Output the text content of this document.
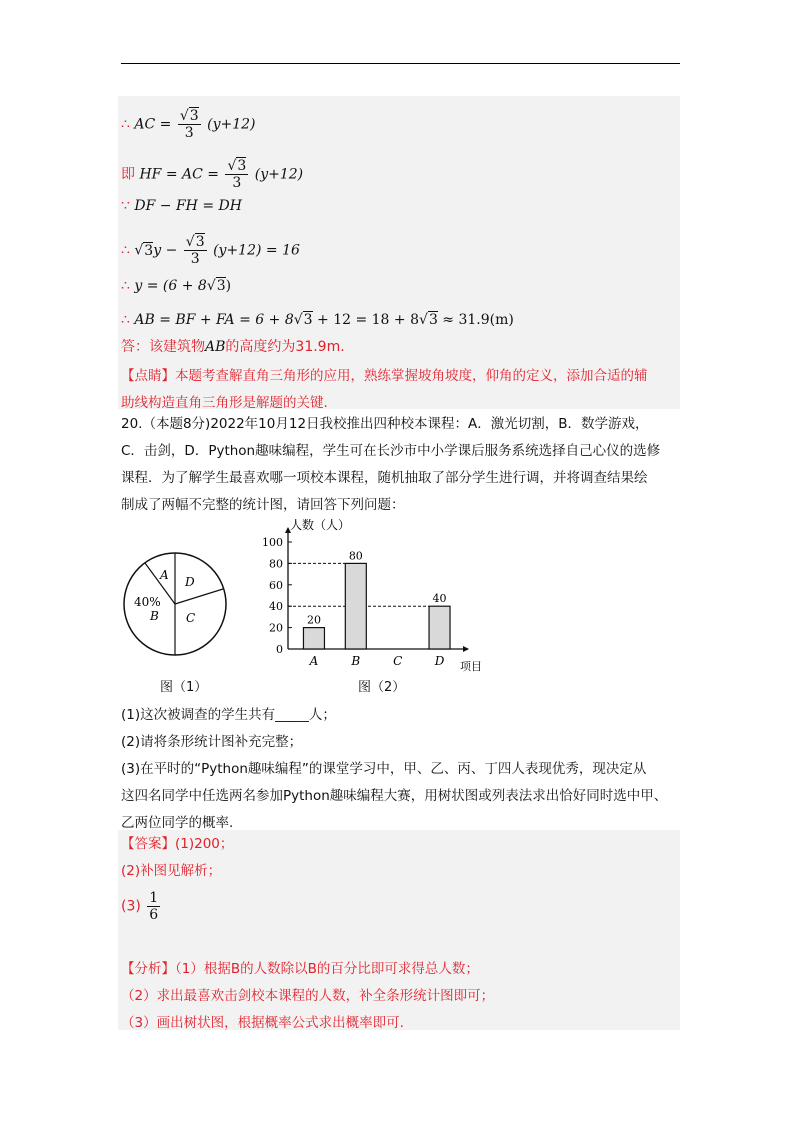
∴ AC = $\frac{√3}{3} (y+12)$
即 HF = AC = $\frac{√3}{3} (y+12)$
∵ DF − FH = DH
∴ $√3y - \frac{√3}{3} (y+12) = 16$
∴ y = (6 + 8√3)
∴ AB = BF + FA = 6 + 8√3 + 12 = 18 + 8√3 ≈ 31.9(m)
答：该建筑物AB的高度约为31.9m.
【点睛】本题考查解直角三角形的应用，熟练掌握坡角坡度，仰角的定义，添加合适的辅
助线构造直角三角形是解题的关键.
20.（本题8分)2022年10月12日我校推出四种校本课程：A．激光切割，B．数学游戏，
C．击剑，D．Python趣味编程，学生可在长沙市中小学课后服务系统选择自己心仪的选修
课程．为了解学生最喜欢哪一项校本课程，随机抽取了部分学生进行调，并将调查结果绘
制成了两幅不完整的统计图，请回答下列问题：
A D
40%
B C
图（1）
人数（人）
项目
0
20
40
60
80
100
20
A
80
B	C
40
D
图（2）
(1)这次被调查的学生共有_____人；
(2)请将条形统计图补充完整；
(3)在平时的“Python趣味编程”的课堂学习中，甲、乙、丙、丁四人表现优秀，现决定从
这四名同学中任选两名参加Python趣味编程大赛，用树状图或列表法求出恰好同时选中甲、
乙两位同学的概率.
【答案】(1)200；
(2)补图见解析；
$(3) \frac{1}{6}$
【分析】（1）根据B的人数除以B的百分比即可求得总人数；
（2）求出最喜欢击剑校本课程的人数，补全条形统计图即可；
（3）画出树状图，根据概率公式求出概率即可.
